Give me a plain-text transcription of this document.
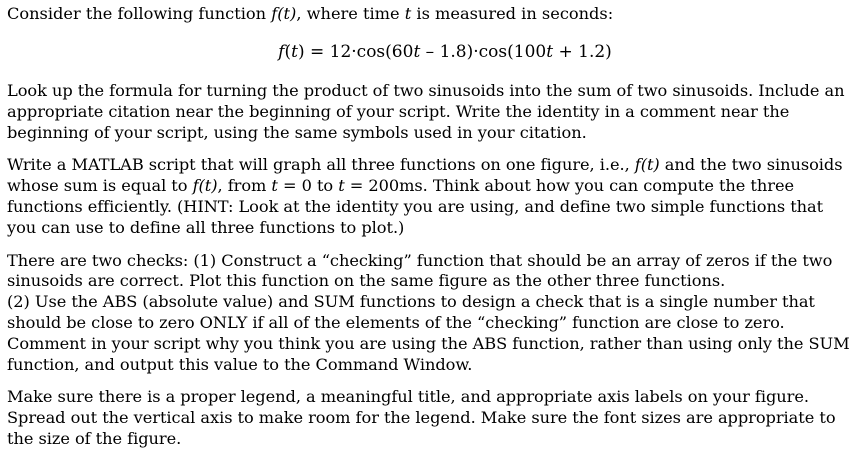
Consider the following function f(t), where time t is measured in seconds:

f(t) = 12·cos(60t – 1.8)·cos(100t + 1.2)

Look up the formula for turning the product of two sinusoids into the sum of two sinusoids. Include an
appropriate citation near the beginning of your script. Write the identity in a comment near the
beginning of your script, using the same symbols used in your citation.

Write a MATLAB script that will graph all three functions on one figure, i.e., f(t) and the two sinusoids
whose sum is equal to f(t), from t = 0 to t = 200ms. Think about how you can compute the three
functions efficiently. (HINT: Look at the identity you are using, and define two simple functions that
you can use to define all three functions to plot.)

There are two checks: (1) Construct a “checking” function that should be an array of zeros if the two
sinusoids are correct. Plot this function on the same figure as the other three functions.
(2) Use the ABS (absolute value) and SUM functions to design a check that is a single number that
should be close to zero ONLY if all of the elements of the “checking” function are close to zero.
Comment in your script why you think you are using the ABS function, rather than using only the SUM
function, and output this value to the Command Window.

Make sure there is a proper legend, a meaningful title, and appropriate axis labels on your figure.
Spread out the vertical axis to make room for the legend. Make sure the font sizes are appropriate to
the size of the figure.
